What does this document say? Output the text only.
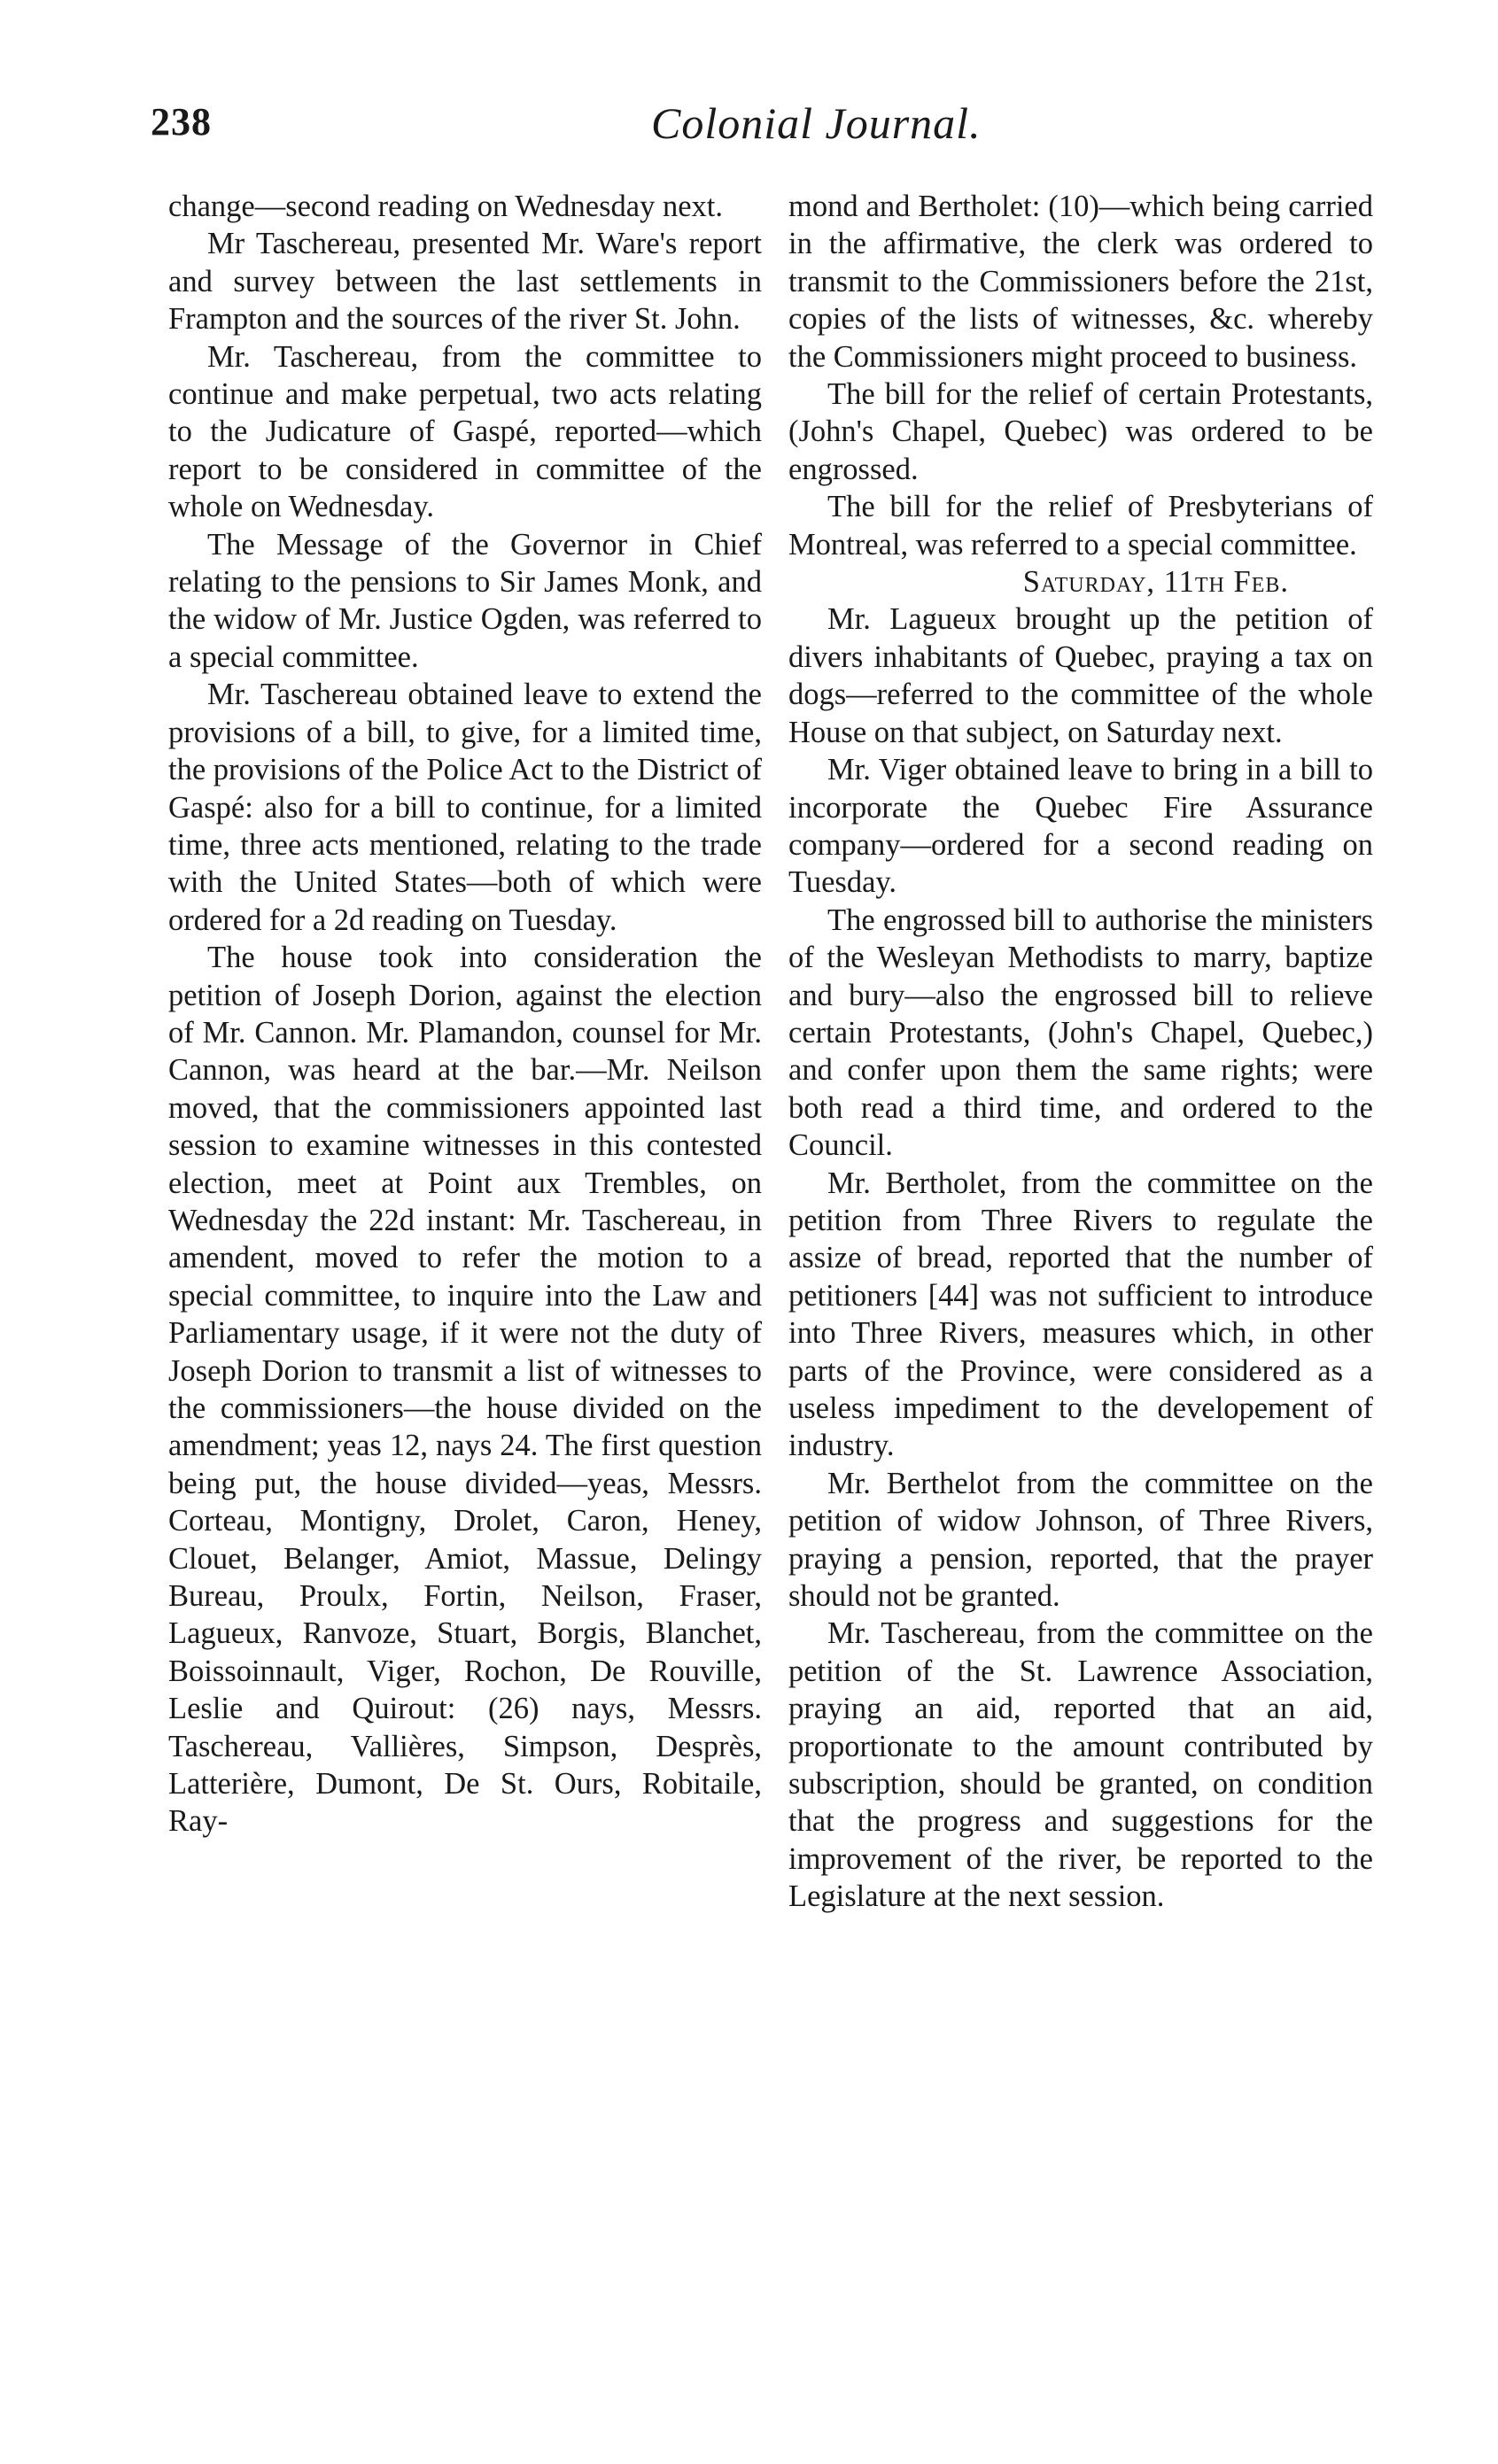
238	Colonial Journal.

change—second reading on Wednesday next.

Mr Taschereau, presented Mr. Ware's report and survey between the last settlements in Frampton and the sources of the river St. John.

Mr. Taschereau, from the committee to continue and make perpetual, two acts relating to the Judicature of Gaspé, reported—which report to be considered in committee of the whole on Wednesday.

The Message of the Governor in Chief relating to the pensions to Sir James Monk, and the widow of Mr. Justice Ogden, was referred to a special committee.

Mr. Taschereau obtained leave to extend the provisions of a bill, to give, for a limited time, the provisions of the Police Act to the District of Gaspé: also for a bill to continue, for a limited time, three acts mentioned, relating to the trade with the United States—both of which were ordered for a 2d reading on Tuesday.

The house took into consideration the petition of Joseph Dorion, against the election of Mr. Cannon. Mr. Plamandon, counsel for Mr. Cannon, was heard at the bar.—Mr. Neilson moved, that the commissioners appointed last session to examine witnesses in this contested election, meet at Point aux Trembles, on Wednesday the 22d instant: Mr. Taschereau, in amendent, moved to refer the motion to a special committee, to inquire into the Law and Parliamentary usage, if it were not the duty of Joseph Dorion to transmit a list of witnesses to the commissioners—the house divided on the amendment; yeas 12, nays 24. The first question being put, the house divided—yeas, Messrs. Corteau, Montigny, Drolet, Caron, Heney, Clouet, Belanger, Amiot, Massue, Delingy Bureau, Proulx, Fortin, Neilson, Fraser, Lagueux, Ranvoze, Stuart, Borgis, Blanchet, Boissoinnault, Viger, Rochon, De Rouville, Leslie and Quirout: (26) nays, Messrs. Taschereau, Vallières, Simpson, Desprès, Latterière, Dumont, De St. Ours, Robitaile, Ray-

mond and Bertholet: (10)—which being carried in the affirmative, the clerk was ordered to transmit to the Commissioners before the 21st, copies of the lists of witnesses, &c. whereby the Commissioners might proceed to business.

The bill for the relief of certain Protestants, (John's Chapel, Quebec) was ordered to be engrossed.

The bill for the relief of Presbyterians of Montreal, was referred to a special committee.

Saturday, 11th Feb.

Mr. Lagueux brought up the petition of divers inhabitants of Quebec, praying a tax on dogs—referred to the committee of the whole House on that subject, on Saturday next.

Mr. Viger obtained leave to bring in a bill to incorporate the Quebec Fire Assurance company—ordered for a second reading on Tuesday.

The engrossed bill to authorise the ministers of the Wesleyan Methodists to marry, baptize and bury—also the engrossed bill to relieve certain Protestants, (John's Chapel, Quebec,) and confer upon them the same rights; were both read a third time, and ordered to the Council.

Mr. Bertholet, from the committee on the petition from Three Rivers to regulate the assize of bread, reported that the number of petitioners [44] was not sufficient to introduce into Three Rivers, measures which, in other parts of the Province, were considered as a useless impediment to the developement of industry.

Mr. Berthelot from the committee on the petition of widow Johnson, of Three Rivers, praying a pension, reported, that the prayer should not be granted.

Mr. Taschereau, from the committee on the petition of the St. Lawrence Association, praying an aid, reported that an aid, proportionate to the amount contributed by subscription, should be granted, on condition that the progress and suggestions for the improvement of the river, be reported to the Legislature at the next session.
